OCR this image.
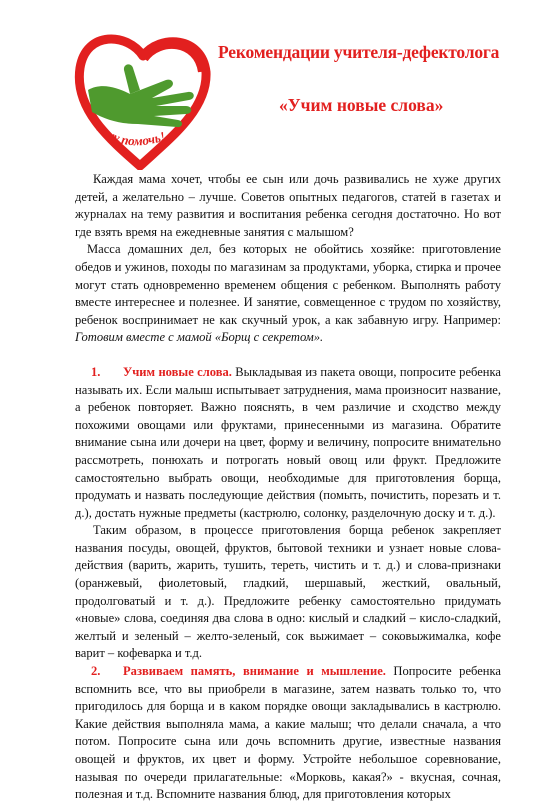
хочу помочь!
Рекомендации учителя-дефектолога
«Учим новые слова»

Каждая мама хочет, чтобы ее сын или дочь развивались не хуже других детей, а желательно – лучше. Советов опытных педагогов, статей в газетах и журналах на тему развития и воспитания ребенка сегодня достаточно. Но вот где взять время на ежедневные занятия с малышом?

Масса домашних дел, без которых не обойтись хозяйке: приготовление обедов и ужинов, походы по магазинам за продуктами, уборка, стирка и прочее могут стать одновременно временем общения с ребенком. Выполнять работу вместе интереснее и полезнее. И занятие, совмещенное с трудом по хозяйству, ребенок воспринимает не как скучный урок, а как забавную игру. Например: Готовим вместе с мамой «Борщ с секретом».

1. Учим новые слова. Выкладывая из пакета овощи, попросите ребенка называть их. Если малыш испытывает затруднения, мама произносит название, а ребенок повторяет. Важно пояснять, в чем различие и сходство между похожими овощами или фруктами, принесенными из магазина. Обратите внимание сына или дочери на цвет, форму и величину, попросите внимательно рассмотреть, понюхать и потрогать новый овощ или фрукт. Предложите самостоятельно выбрать овощи, необходимые для приготовления борща, продумать и назвать последующие действия (помыть, почистить, порезать и т. д.), достать нужные предметы (кастрюлю, солонку, разделочную доску и т. д.).

Таким образом, в процессе приготовления борща ребенок закрепляет названия посуды, овощей, фруктов, бытовой техники и узнает новые слова-действия (варить, жарить, тушить, тереть, чистить и т. д.) и слова-признаки (оранжевый, фиолетовый, гладкий, шершавый, жесткий, овальный, продолговатый и т. д.). Предложите ребенку самостоятельно придумать «новые» слова, соединяя два слова в одно: кислый и сладкий – кисло-сладкий, желтый и зеленый – желто-зеленый, сок выжимает – соковыжималка, кофе варит – кофеварка и т.д.

2. Развиваем память, внимание и мышление. Попросите ребенка вспомнить все, что вы приобрели в магазине, затем назвать только то, что пригодилось для борща и в каком порядке овощи закладывались в кастрюлю. Какие действия выполняла мама, а какие малыш; что делали сначала, а что потом. Попросите сына или дочь вспомнить другие, известные названия овощей и фруктов, их цвет и форму. Устройте небольшое соревнование, называя по очереди прилагательные: «Морковь, какая?» - вкусная, сочная, полезная и т.д. Вспомните названия блюд, для приготовления которых
